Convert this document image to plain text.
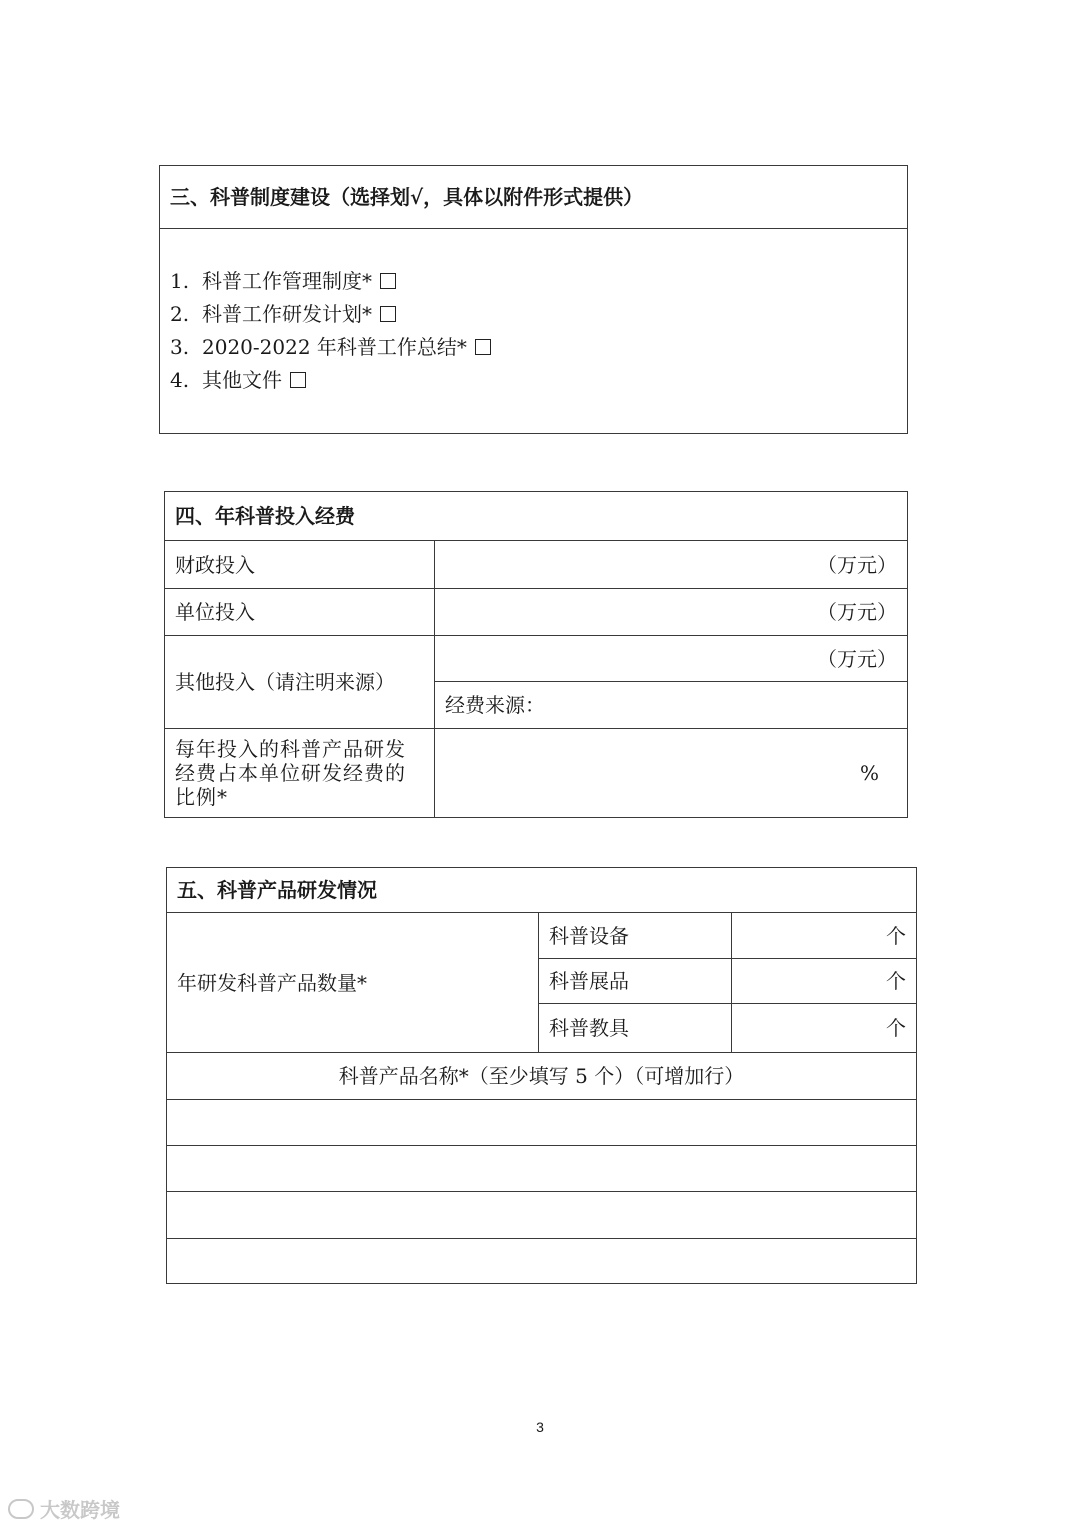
三、科普制度建设（选择划√，具体以附件形式提供）

1. 科普工作管理制度*
2. 科普工作研发计划*
3. 2020-2022 年科普工作总结*
4. 其他文件
四、年科普投入经费	
财政投入	（万元）
单位投入	（万元）
其他投入（请注明来源）	（万元）
	经费来源：
每年投入的科普产品研发经费占本单位研发经费的比例*	%
五、科普产品研发情况		
年研发科普产品数量*	科普设备	个
	科普展品	个
	科普教具	个
科普产品名称*（至少填写 5 个）（可增加行）		

3
大数跨境
